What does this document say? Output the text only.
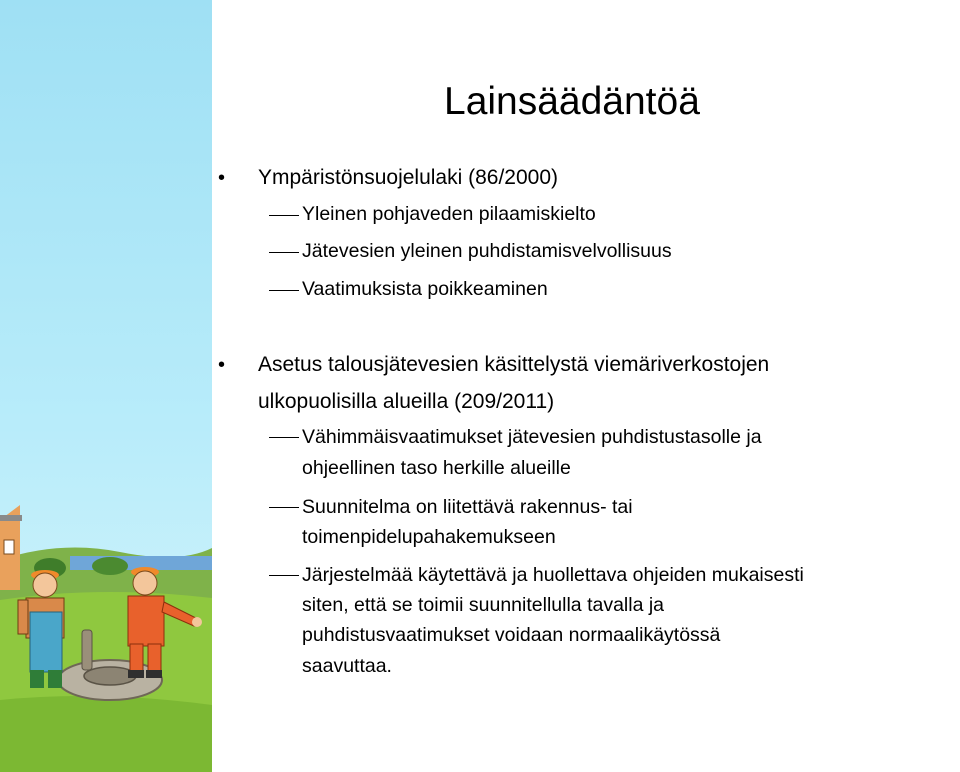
Lainsäädäntöä
• Ympäristönsuojelulaki (86/2000)
Yleinen pohjaveden pilaamiskielto
Jätevesien yleinen puhdistamisvelvollisuus
Vaatimuksista poikkeaminen
• Asetus talousjätevesien käsittelystä viemäriverkostojen
ulkopuolisilla alueilla (209/2011)
Vähimmäisvaatimukset jätevesien puhdistustasolle ja
ohjeellinen taso herkille alueille
Suunnitelma on liitettävä rakennus- tai
toimenpidelupahakemukseen
Järjestelmää käytettävä ja huollettava ohjeiden mukaisesti
siten, että se toimii suunnitellulla tavalla ja
puhdistusvaatimukset voidaan normaalikäytössä
saavuttaa.
